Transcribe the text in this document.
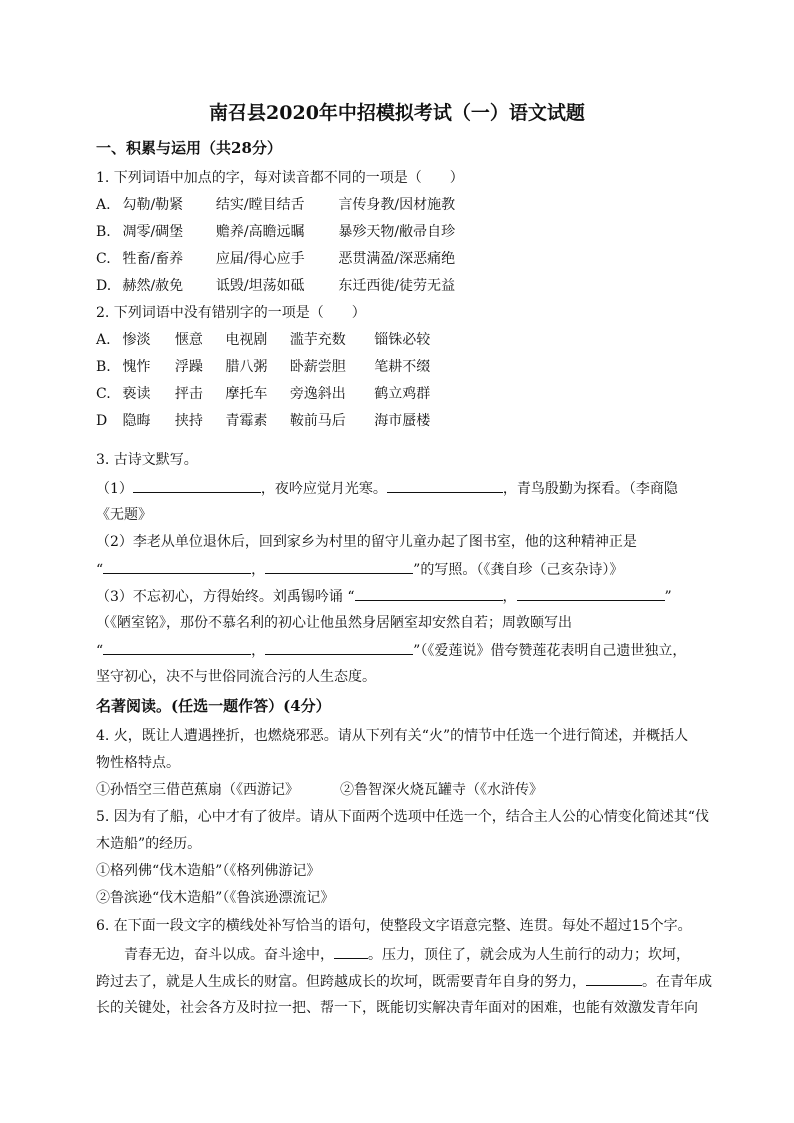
南召县2020年中招模拟考试（一）语文试题
一、积累与运用（共28分）
1. 下列词语中加点的字，每对读音都不同的一项是（　　）
A. 勾勒/勒紧 结实/瞠目结舌 言传身教/因材施教
B. 凋零/碉堡 赡养/高瞻远瞩 暴殄天物/敝帚自珍
C. 牲畜/畜养 应届/得心应手 恶贯满盈/深恶痛绝
D. 赫然/赦免 诋毁/坦荡如砥 东迁西徙/徒劳无益
2. 下列词语中没有错别字的一项是（　　）
A. 惨淡 惬意 电视剧 滥芋充数 锱铢必较
B. 愧怍 浮躁 腊八粥 卧薪尝胆 笔耕不缀
C. 亵读 抨击 摩托车 旁逸斜出 鹤立鸡群
D 隐晦 挟持 青霉素 鞍前马后 海市蜃楼
3. 古诗文默写。
（1）	，夜吟应觉月光寒。	，青鸟殷勤为探看。（李商隐
《无题》
（2）李老从单位退休后，回到家乡为村里的留守儿童办起了图书室，他的这种精神正是
“	，	”的写照。（《龚自珍（己亥杂诗）》
（3）不忘初心，方得始终。刘禹锡吟诵 “	，	”
（《陋室铭》，那份不慕名利的初心让他虽然身居陋室却安然自若；周敦颐写出
“	，	”（《爱莲说》借夸赞莲花表明自己遗世独立，
坚守初心，决不与世俗同流合污的人生态度。
名著阅读。(任选一题作答）(4分）
4. 火，既让人遭遇挫折，也燃烧邪恶。请从下列有关“火”的情节中任选一个进行简述，并概括人
物性格特点。
①孙悟空三借芭蕉扇（《西游记》	②鲁智深火烧瓦罐寺（《水浒传》
5. 因为有了船，心中才有了彼岸。请从下面两个选项中任选一个，结合主人公的心情变化简述其“伐
木造船”的经历。
①格列佛“伐木造船”（《格列佛游记》
②鲁滨逊“伐木造船”（《鲁滨逊漂流记》
6. 在下面一段文字的横线处补写恰当的语句，使整段文字语意完整、连贯。每处不超过15个字。
青春无边，奋斗以成。奋斗途中， 。压力，顶住了，就会成为人生前行的动力；坎坷，
跨过去了，就是人生成长的财富。但跨越成长的坎坷，既需要青年自身的努力，	。在青年成
长的关键处，社会各方及时拉一把、帮一下，既能切实解决青年面对的困难，也能有效激发青年向
